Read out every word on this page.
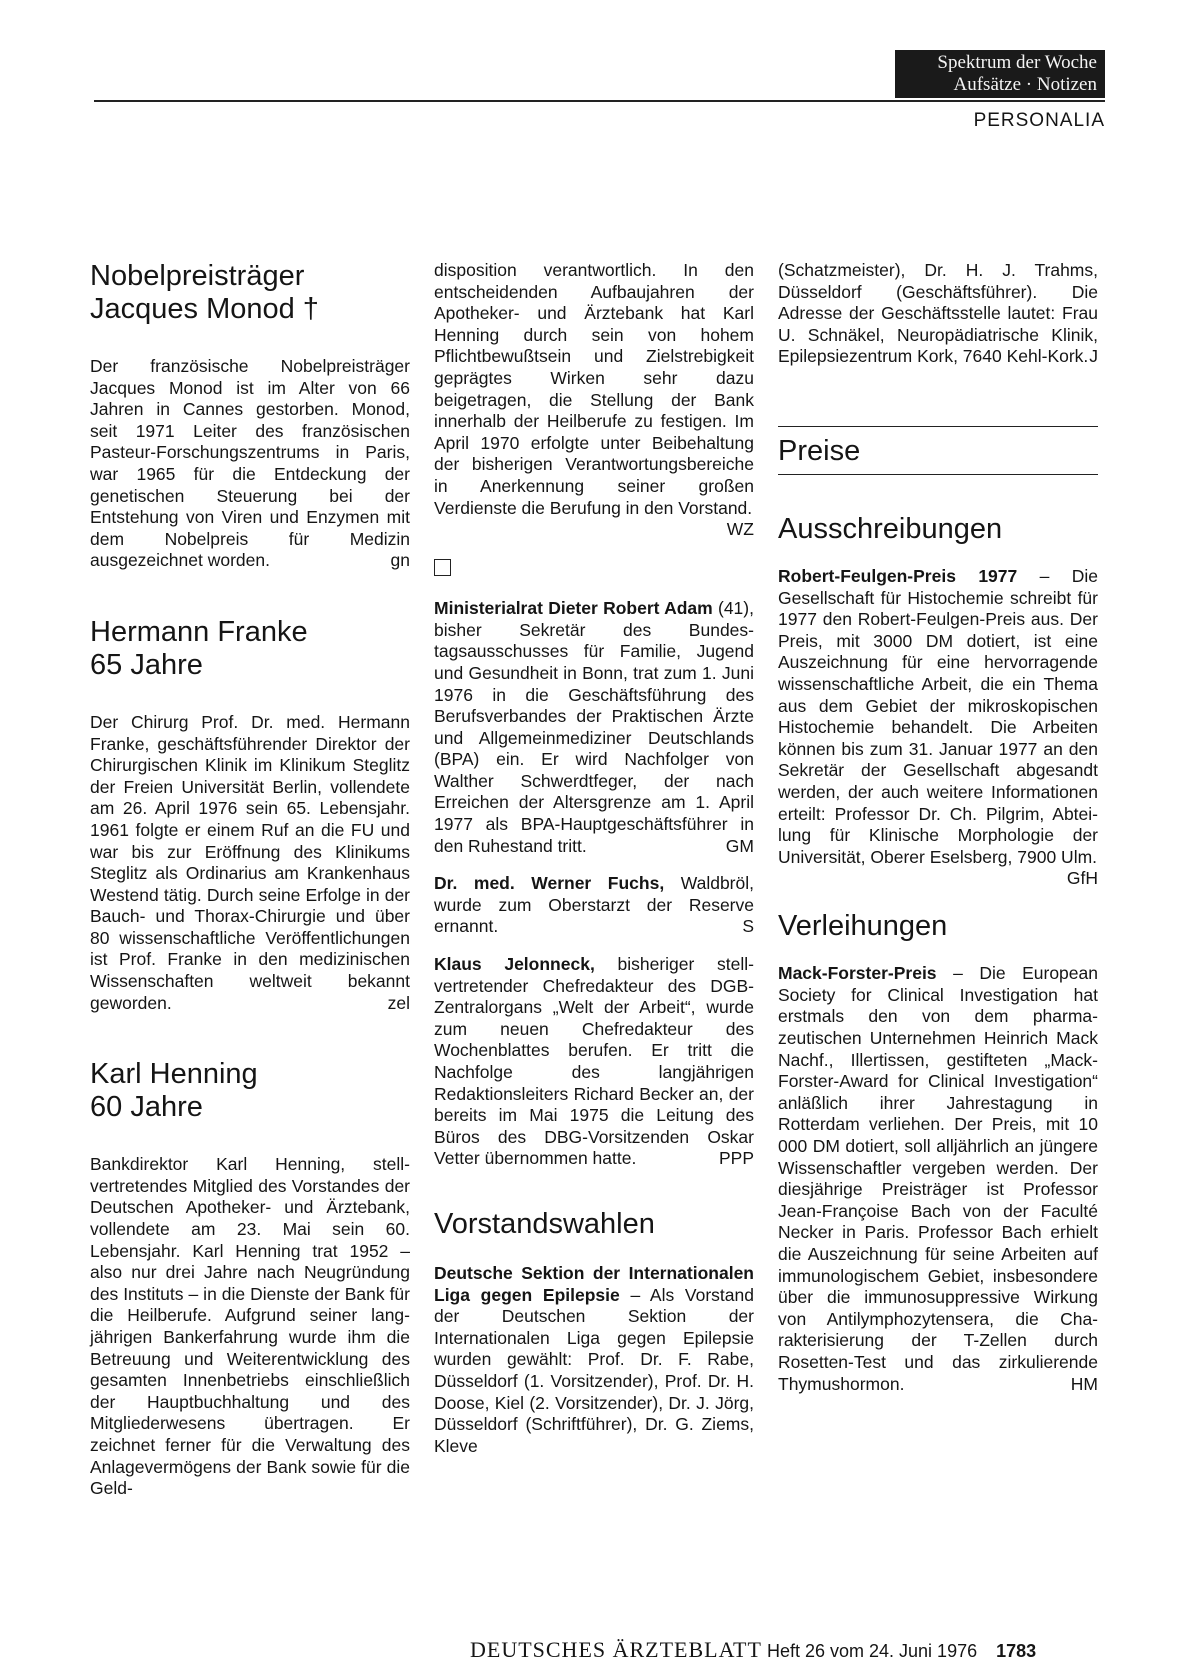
Spektrum der Woche
Aufsätze · Notizen
PERSONALIA
Nobelpreisträger
Jacques Monod †

Der französische Nobelpreisträger Jacques Monod ist im Alter von 66 Jahren in Cannes gestorben. Monod, seit 1971 Leiter des französischen Pasteur-Forschungszentrums in Paris, war 1965 für die Entdeckung der genetischen Steuerung bei der Entstehung von Viren und Enzymen mit dem Nobelpreis für Medizin ausgezeichnet worden.	gn

Hermann Franke
65 Jahre

Der Chirurg Prof. Dr. med. Hermann Franke, geschäftsführender Direktor der Chirurgischen Klinik im Klinikum Steglitz der Freien Universität Berlin, vollendete am 26. April 1976 sein 65. Lebensjahr. 1961 folgte er einem Ruf an die FU und war bis zur Eröffnung des Klinikums Steglitz als Ordinarius am Krankenhaus Westend tätig. Durch seine Erfolge in der Bauch- und Thorax-Chirurgie und über 80 wissenschaftliche Veröffentlichungen ist Prof. Franke in den medizinischen Wissenschaften weltweit bekannt geworden.	zel

Karl Henning
60 Jahre

Bankdirektor Karl Henning, stellvertretendes Mitglied des Vorstandes der Deutschen Apotheker- und Ärztebank, vollendete am 23. Mai sein 60. Lebensjahr. Karl Henning trat 1952 – also nur drei Jahre nach Neugründung des Instituts – in die Dienste der Bank für die Heilberufe. Aufgrund seiner langjährigen Bankerfahrung wurde ihm die Betreuung und Weiterentwicklung des gesamten Innenbetriebs einschließlich der Hauptbuchhaltung und des Mitgliederwesens übertragen. Er zeichnet ferner für die Verwaltung des Anlagevermögens der Bank sowie für die Geld-

disposition verantwortlich. In den entscheidenden Aufbaujahren der Apotheker- und Ärztebank hat Karl Henning durch sein von hohem Pflichtbewußtsein und Zielstrebigkeit geprägtes Wirken sehr dazu beigetragen, die Stellung der Bank innerhalb der Heilberufe zu festigen. Im April 1970 erfolgte unter Beibehaltung der bisherigen Verantwortungsbereiche in Anerkennung seiner großen Verdienste die Berufung in den Vorstand.
WZ

Ministerialrat Dieter Robert Adam (41), bisher Sekretär des Bundestagsausschusses für Familie, Jugend und Gesundheit in Bonn, trat zum 1. Juni 1976 in die Geschäftsführung des Berufsverbandes der Praktischen Ärzte und Allgemeinmediziner Deutschlands (BPA) ein. Er wird Nachfolger von Walther Schwerdtfeger, der nach Erreichen der Altersgrenze am 1. April 1977 als BPA-Hauptgeschäftsführer in den Ruhestand tritt.	GM

Dr. med. Werner Fuchs, Waldbröl, wurde zum Oberstarzt der Reserve ernannt.	S

Klaus Jelonneck, bisheriger stellvertretender Chefredakteur des DGB-Zentralorgans „Welt der Arbeit“, wurde zum neuen Chefredakteur des Wochenblattes berufen. Er tritt die Nachfolge des langjährigen Redaktionsleiters Richard Becker an, der bereits im Mai 1975 die Leitung des Büros des DBG-Vorsitzenden Oskar Vetter übernommen hatte.	PPP

Vorstandswahlen

Deutsche Sektion der Internationalen Liga gegen Epilepsie – Als Vorstand der Deutschen Sektion der Internationalen Liga gegen Epilepsie wurden gewählt: Prof. Dr. F. Rabe, Düsseldorf (1. Vorsitzender), Prof. Dr. H. Doose, Kiel (2. Vorsitzender), Dr. J. Jörg, Düsseldorf (Schriftführer), Dr. G. Ziems, Kleve

(Schatzmeister), Dr. H. J. Trahms, Düsseldorf (Geschäftsführer). Die Adresse der Geschäftsstelle lautet: Frau U. Schnäkel, Neuropädiatrische Klinik, Epilepsiezentrum Kork, 7640 Kehl-Kork. J

Preise
Ausschreibungen

Robert-Feulgen-Preis 1977 – Die Gesellschaft für Histochemie schreibt für 1977 den Robert-Feulgen-Preis aus. Der Preis, mit 3000 DM dotiert, ist eine Auszeichnung für eine hervorragende wissenschaftliche Arbeit, die ein Thema aus dem Gebiet der mikroskopischen Histochemie behandelt. Die Arbeiten können bis zum 31. Januar 1977 an den Sekretär der Gesellschaft abgesandt werden, der auch weitere Informationen erteilt: Professor Dr. Ch. Pilgrim, Abteilung für Klinische Morphologie der Universität, Oberer Eselsberg, 7900 Ulm.
GfH

Verleihungen

Mack-Forster-Preis – Die European Society for Clinical Investigation hat erstmals den von dem pharmazeutischen Unternehmen Heinrich Mack Nachf., Illertissen, gestifteten „Mack-Forster-Award for Clinical Investigation“ anläßlich ihrer Jahrestagung in Rotterdam verliehen. Der Preis, mit 10 000 DM dotiert, soll alljährlich an jüngere Wissenschaftler vergeben werden. Der diesjährige Preisträger ist Professor Jean-Françoise Bach von der Faculté Necker in Paris. Professor Bach erhielt die Auszeichnung für seine Arbeiten auf immunologischem Gebiet, insbesondere über die immunosuppressive Wirkung von Antilymphozytensera, die Charakterisierung der T-Zellen durch Rosetten-Test und das zirkulierende Thymushormon.	HM

DEUTSCHES ÄRZTEBLATT Heft 26 vom 24. Juni 1976 1783
